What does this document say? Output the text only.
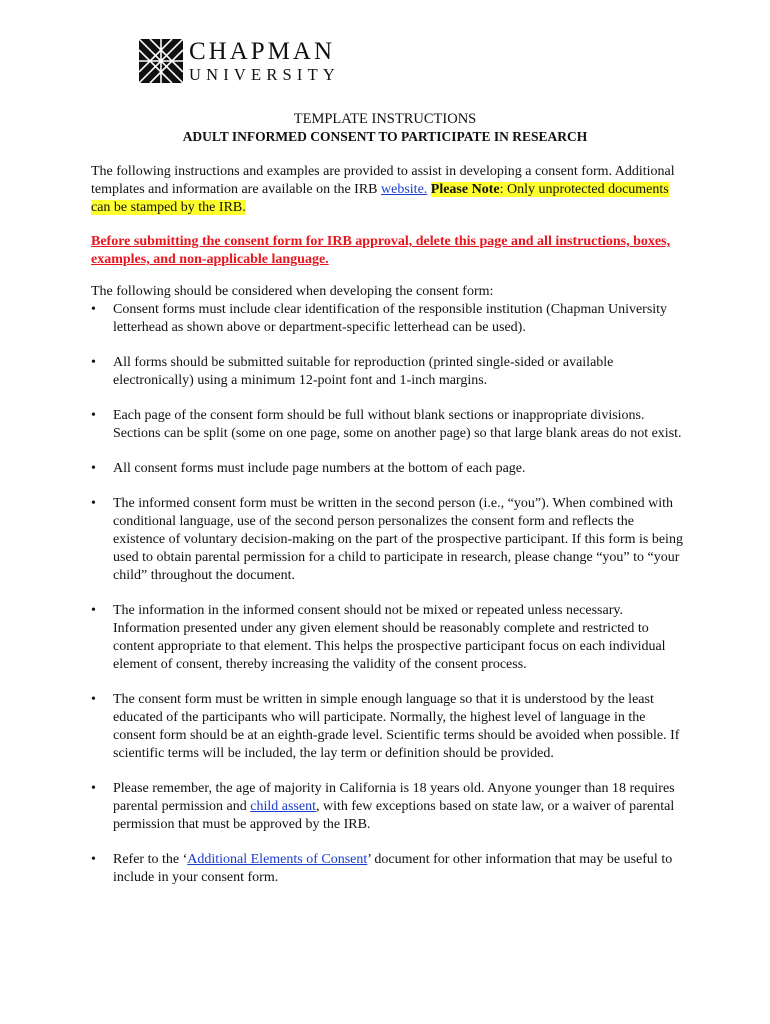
CHAPMAN
UNIVERSITY
TEMPLATE INSTRUCTIONS
ADULT INFORMED CONSENT TO PARTICIPATE IN RESEARCH
The following instructions and examples are provided to assist in developing a consent form. Additional templates and information are available on the IRB website. Please Note: Only unprotected documents can be stamped by the IRB.
Before submitting the consent form for IRB approval, delete this page and all instructions, boxes, examples, and non-applicable language.
The following should be considered when developing the consent form:
•	Consent forms must include clear identification of the responsible institution (Chapman University letterhead as shown above or department-specific letterhead can be used).
•	All forms should be submitted suitable for reproduction (printed single-sided or available electronically) using a minimum 12-point font and 1-inch margins.
•	Each page of the consent form should be full without blank sections or inappropriate divisions. Sections can be split (some on one page, some on another page) so that large blank areas do not exist.
•	All consent forms must include page numbers at the bottom of each page.
•	The informed consent form must be written in the second person (i.e., “you”). When combined with conditional language, use of the second person personalizes the consent form and reflects the existence of voluntary decision-making on the part of the prospective participant. If this form is being used to obtain parental permission for a child to participate in research, please change “you” to “your child” throughout the document.
•	The information in the informed consent should not be mixed or repeated unless necessary. Information presented under any given element should be reasonably complete and restricted to content appropriate to that element. This helps the prospective participant focus on each individual element of consent, thereby increasing the validity of the consent process.
•	The consent form must be written in simple enough language so that it is understood by the least educated of the participants who will participate. Normally, the highest level of language in the consent form should be at an eighth-grade level. Scientific terms should be avoided when possible. If scientific terms will be included, the lay term or definition should be provided.
•	Please remember, the age of majority in California is 18 years old. Anyone younger than 18 requires parental permission and child assent, with few exceptions based on state law, or a waiver of parental permission that must be approved by the IRB.
•	Refer to the ‘Additional Elements of Consent’ document for other information that may be useful to include in your consent form.
